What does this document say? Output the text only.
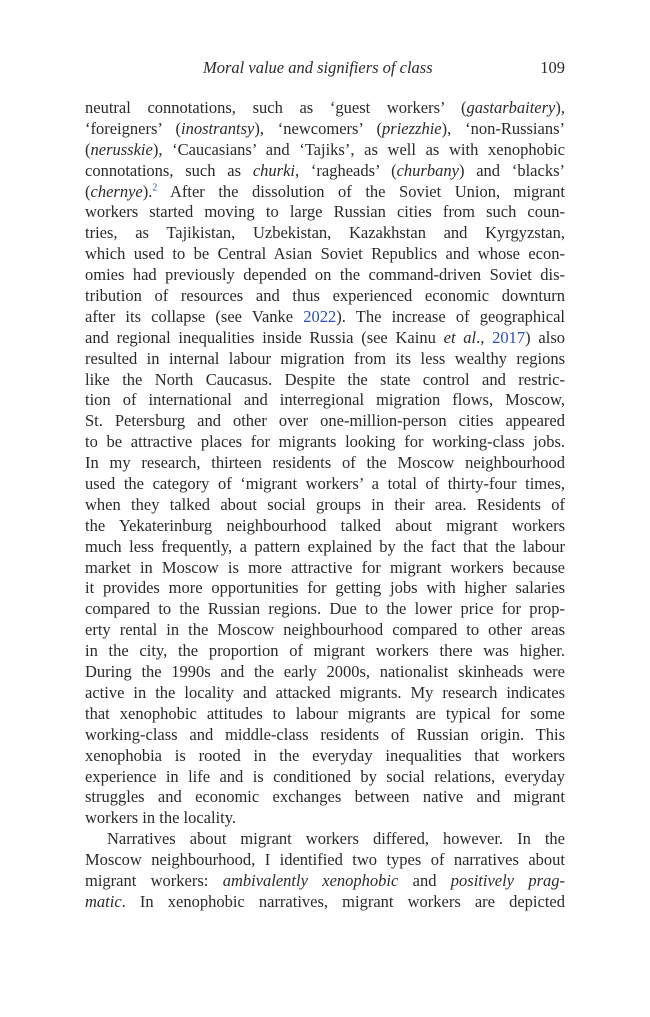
Moral value and signifiers of class	109
neutral connotations, such as ‘guest workers’ (gastarbaitery),
‘foreigners’ (inostrantsy), ‘newcomers’ (priezzhie), ‘non-Russians’
(nerusskie), ‘Caucasians’ and ‘Tajiks’, as well as with xenophobic
connotations, such as churki, ‘ragheads’ (churbany) and ‘blacks’
(chernye).$^2$ After the dissolution of the Soviet Union, migrant
workers started moving to large Russian cities from such coun-
tries, as Tajikistan, Uzbekistan, Kazakhstan and Kyrgyzstan,
which used to be Central Asian Soviet Republics and whose econ-
omies had previously depended on the command-driven Soviet dis-
tribution of resources and thus experienced economic downturn
after its collapse (see Vanke 2022). The increase of geographical
and regional inequalities inside Russia (see Kainu et al., 2017) also
resulted in internal labour migration from its less wealthy regions
like the North Caucasus. Despite the state control and restric-
tion of international and interregional migration flows, Moscow,
St. Petersburg and other over one-million-person cities appeared
to be attractive places for migrants looking for working-class jobs.
In my research, thirteen residents of the Moscow neighbourhood
used the category of ‘migrant workers’ a total of thirty-four times,
when they talked about social groups in their area. Residents of
the Yekaterinburg neighbourhood talked about migrant workers
much less frequently, a pattern explained by the fact that the labour
market in Moscow is more attractive for migrant workers because
it provides more opportunities for getting jobs with higher salaries
compared to the Russian regions. Due to the lower price for prop-
erty rental in the Moscow neighbourhood compared to other areas
in the city, the proportion of migrant workers there was higher.
During the 1990s and the early 2000s, nationalist skinheads were
active in the locality and attacked migrants. My research indicates
that xenophobic attitudes to labour migrants are typical for some
working-class and middle-class residents of Russian origin. This
xenophobia is rooted in the everyday inequalities that workers
experience in life and is conditioned by social relations, everyday
struggles and economic exchanges between native and migrant
workers in the locality.
Narratives about migrant workers differed, however. In the
Moscow neighbourhood, I identified two types of narratives about
migrant workers: ambivalently xenophobic and positively prag-
matic. In xenophobic narratives, migrant workers are depicted
